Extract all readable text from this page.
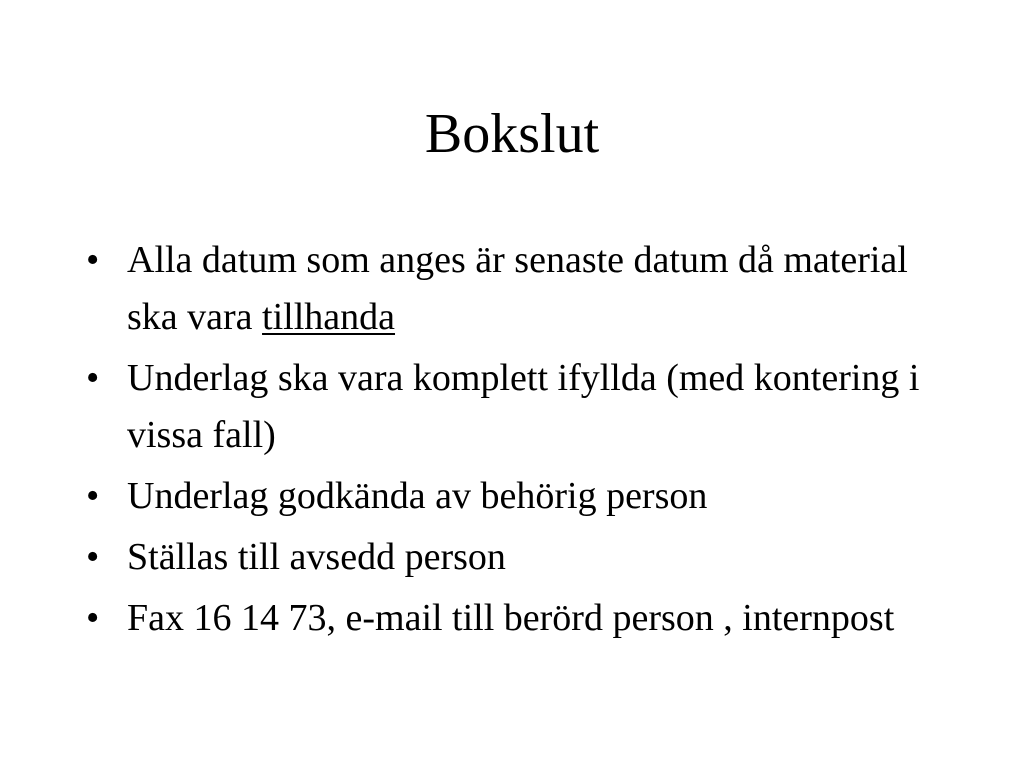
Bokslut
• Alla datum som anges är senaste datum då material ska vara tillhanda
• Underlag ska vara komplett ifyllda (med kontering i vissa fall)
• Underlag godkända av behörig person
• Ställas till avsedd person
• Fax 16 14 73, e-mail till berörd person , internpost
